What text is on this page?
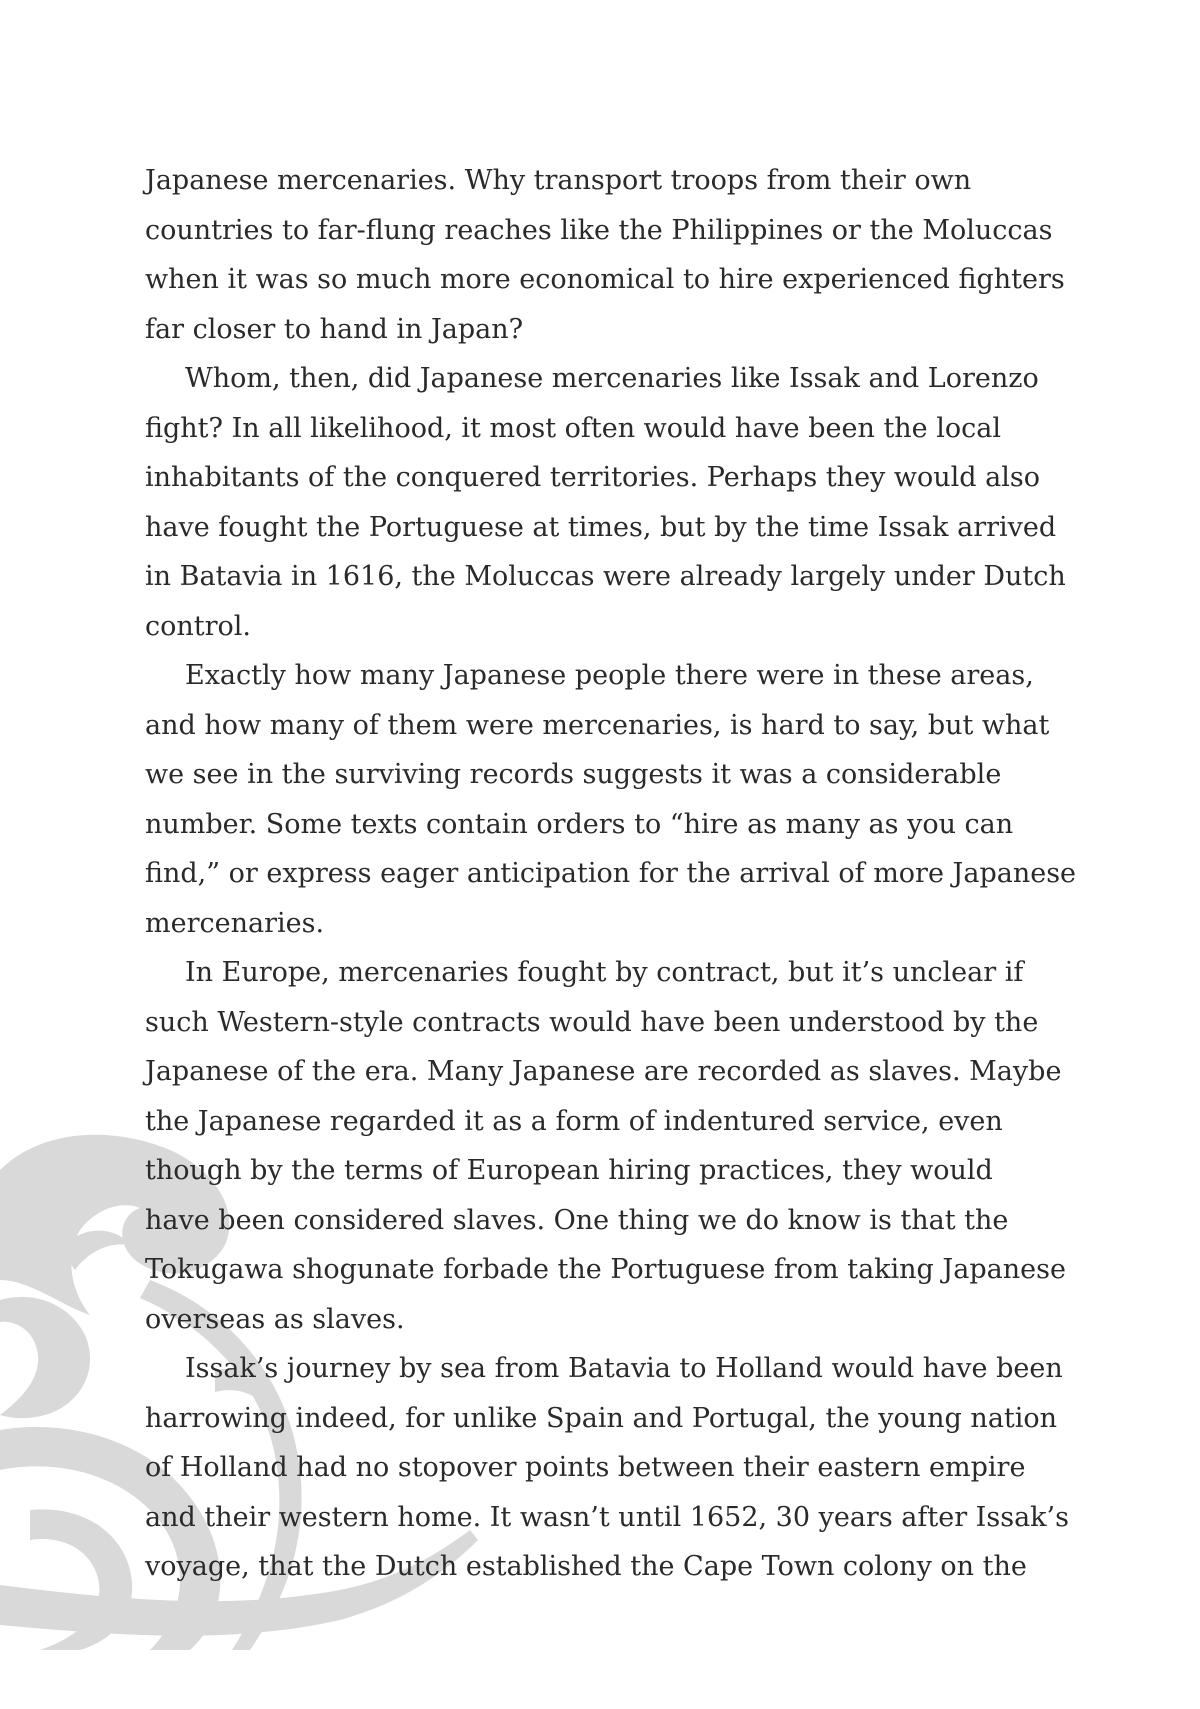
Japanese mercenaries. Why transport troops from their own
countries to far-flung reaches like the Philippines or the Moluccas
when it was so much more economical to hire experienced fighters
far closer to hand in Japan?
Whom, then, did Japanese mercenaries like Issak and Lorenzo
fight? In all likelihood, it most often would have been the local
inhabitants of the conquered territories. Perhaps they would also
have fought the Portuguese at times, but by the time Issak arrived
in Batavia in 1616, the Moluccas were already largely under Dutch
control.
Exactly how many Japanese people there were in these areas,
and how many of them were mercenaries, is hard to say, but what
we see in the surviving records suggests it was a considerable
number. Some texts contain orders to “hire as many as you can
find,” or express eager anticipation for the arrival of more Japanese
mercenaries.
In Europe, mercenaries fought by contract, but it’s unclear if
such Western-style contracts would have been understood by the
Japanese of the era. Many Japanese are recorded as slaves. Maybe
the Japanese regarded it as a form of indentured service, even
though by the terms of European hiring practices, they would
have been considered slaves. One thing we do know is that the
Tokugawa shogunate forbade the Portuguese from taking Japanese
overseas as slaves.
Issak’s journey by sea from Batavia to Holland would have been
harrowing indeed, for unlike Spain and Portugal, the young nation
of Holland had no stopover points between their eastern empire
and their western home. It wasn’t until 1652, 30 years after Issak’s
voyage, that the Dutch established the Cape Town colony on the
